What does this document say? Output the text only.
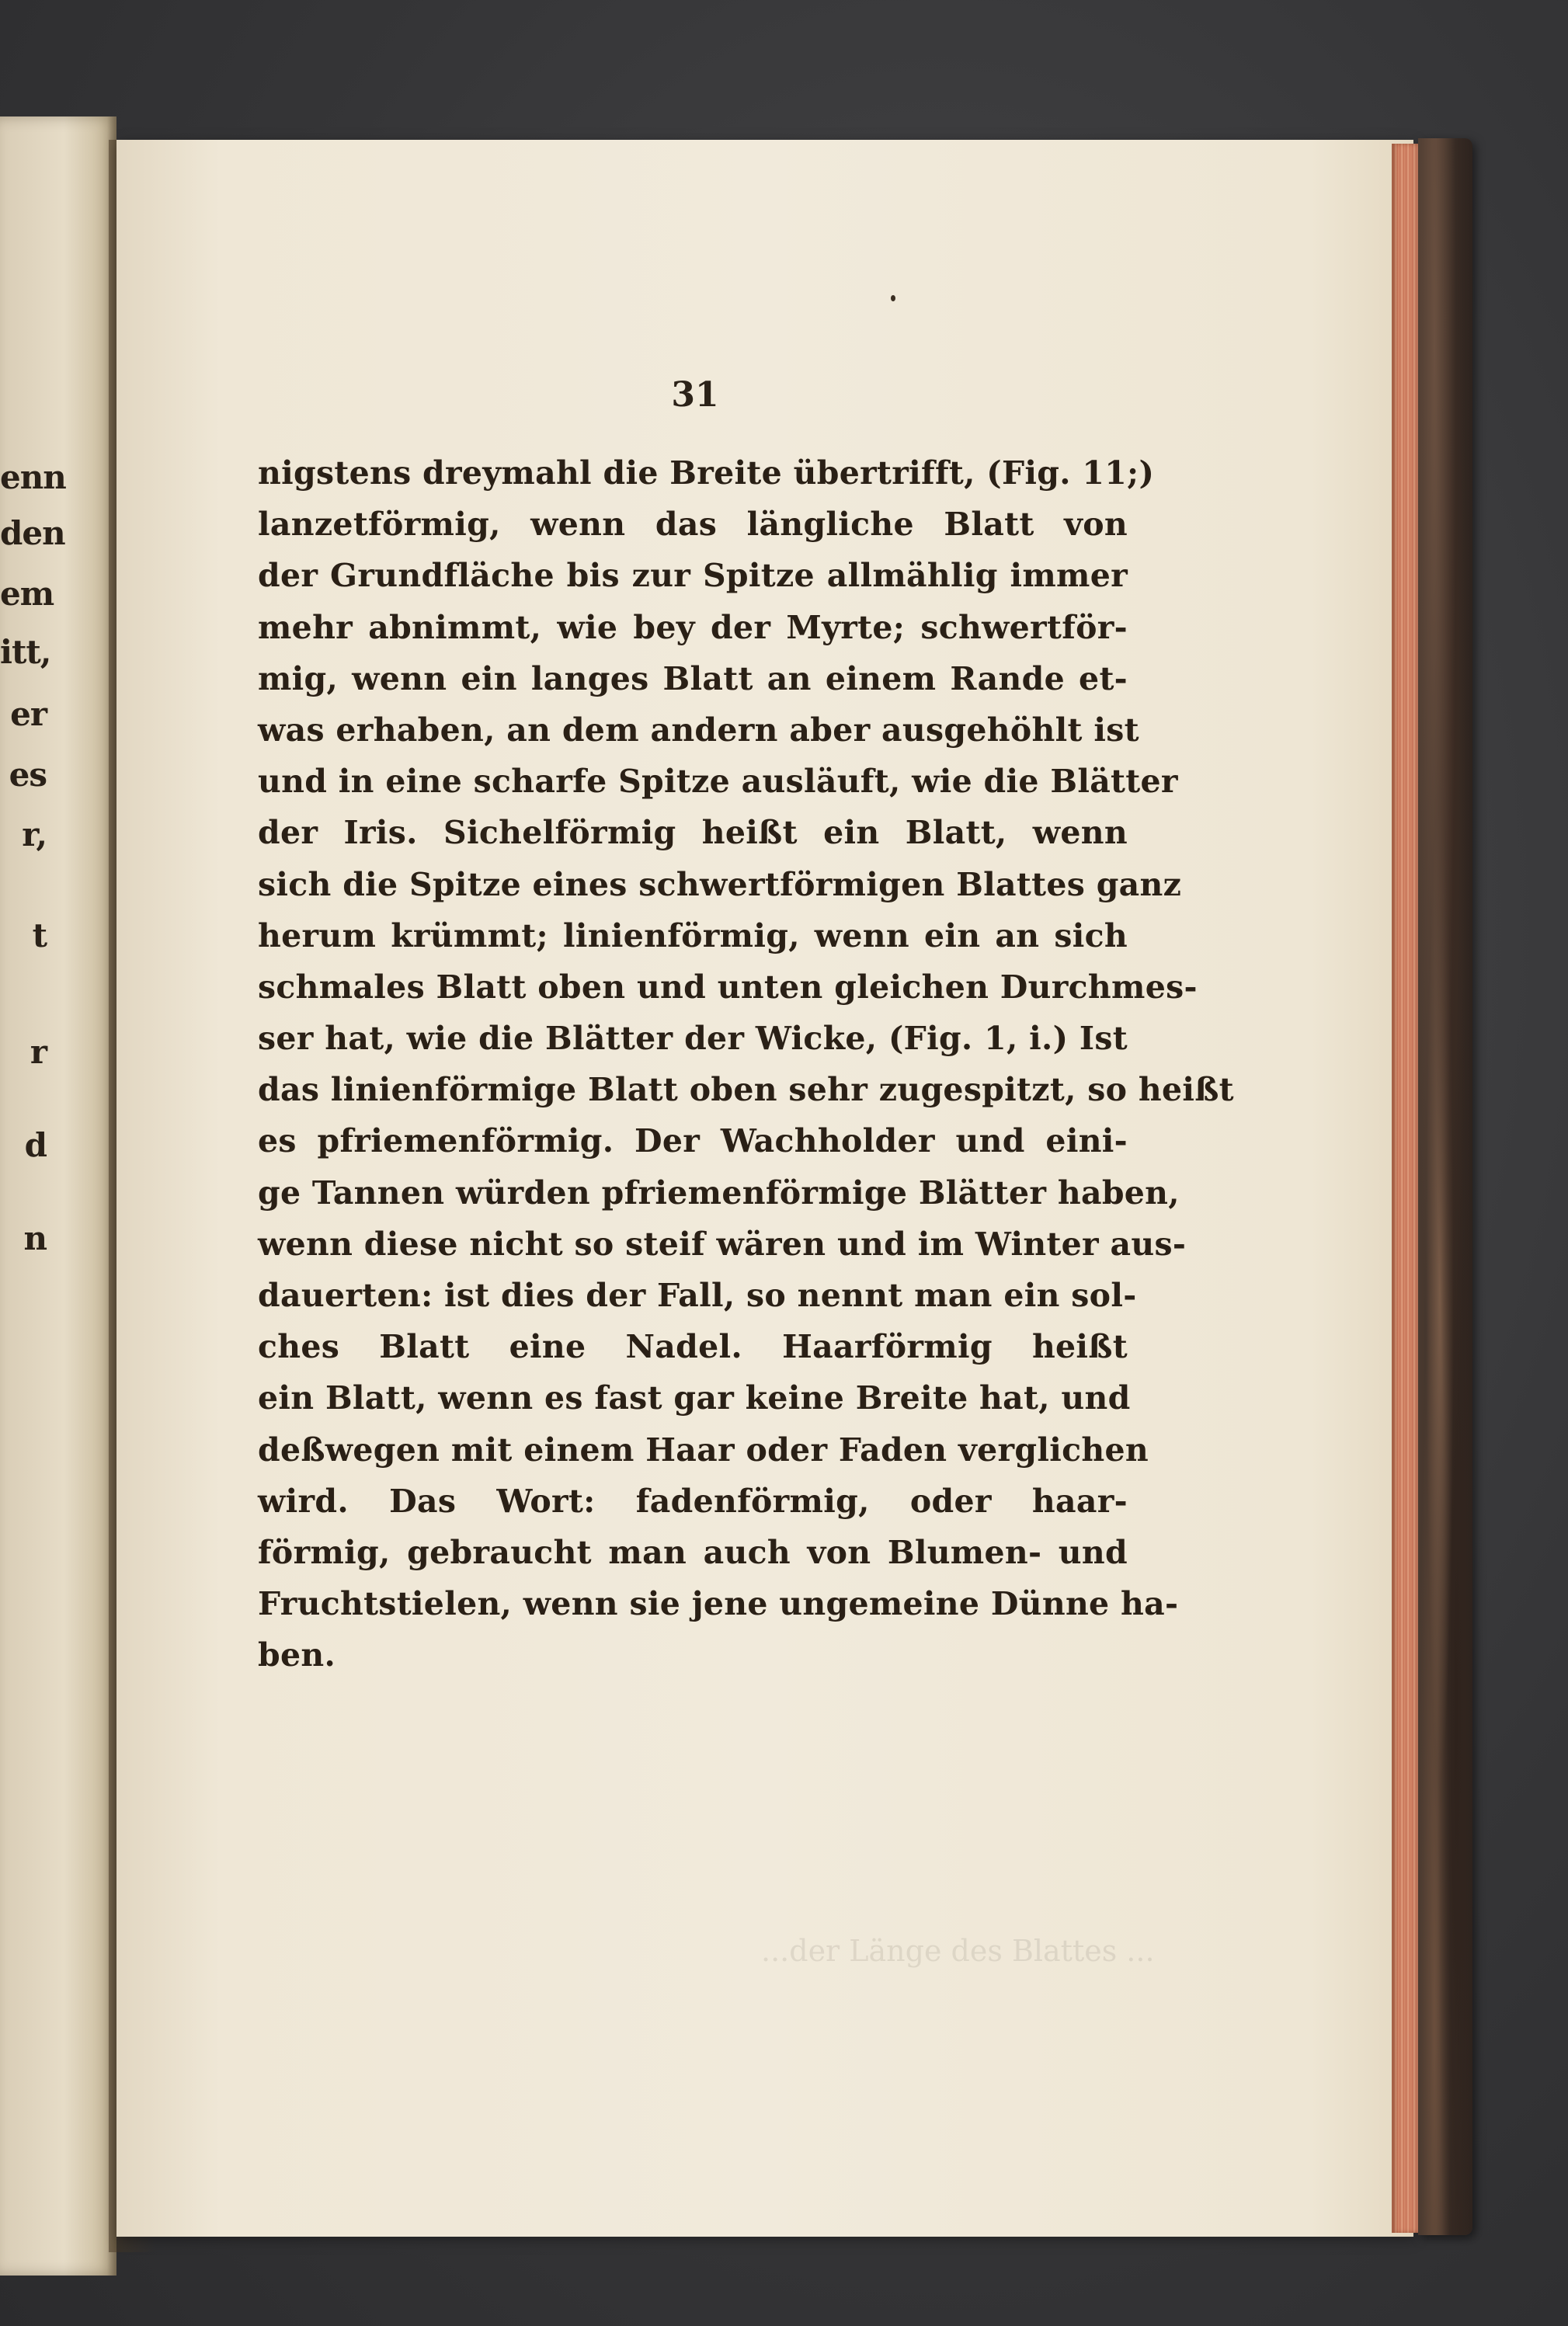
enn
den
em
itt,
er
es
r,
t
r
d
n
31
...der Länge des Blattes ...
nigstens dreymahl die Breite übertrifft, (Fig. 11;)
lanzetförmig, wenn das längliche Blatt von
der Grundfläche bis zur Spitze allmählig immer
mehr abnimmt, wie bey der Myrte; schwertför-
mig, wenn ein langes Blatt an einem Rande et-
was erhaben, an dem andern aber ausgehöhlt ist
und in eine scharfe Spitze ausläuft, wie die Blätter
der Iris. Sichelförmig heißt ein Blatt, wenn
sich die Spitze eines schwertförmigen Blattes ganz
herum krümmt; linienförmig, wenn ein an sich
schmales Blatt oben und unten gleichen Durchmes-
ser hat, wie die Blätter der Wicke, (Fig. 1, i.) Ist
das linienförmige Blatt oben sehr zugespitzt, so heißt
es pfriemenförmig. Der Wachholder und eini-
ge Tannen würden pfriemenförmige Blätter haben,
wenn diese nicht so steif wären und im Winter aus-
dauerten: ist dies der Fall, so nennt man ein sol-
ches Blatt eine Nadel. Haarförmig heißt
ein Blatt, wenn es fast gar keine Breite hat, und
deßwegen mit einem Haar oder Faden verglichen
wird. Das Wort: fadenförmig, oder haar-
förmig, gebraucht man auch von Blumen- und
Fruchtstielen, wenn sie jene ungemeine Dünne ha-
ben.
